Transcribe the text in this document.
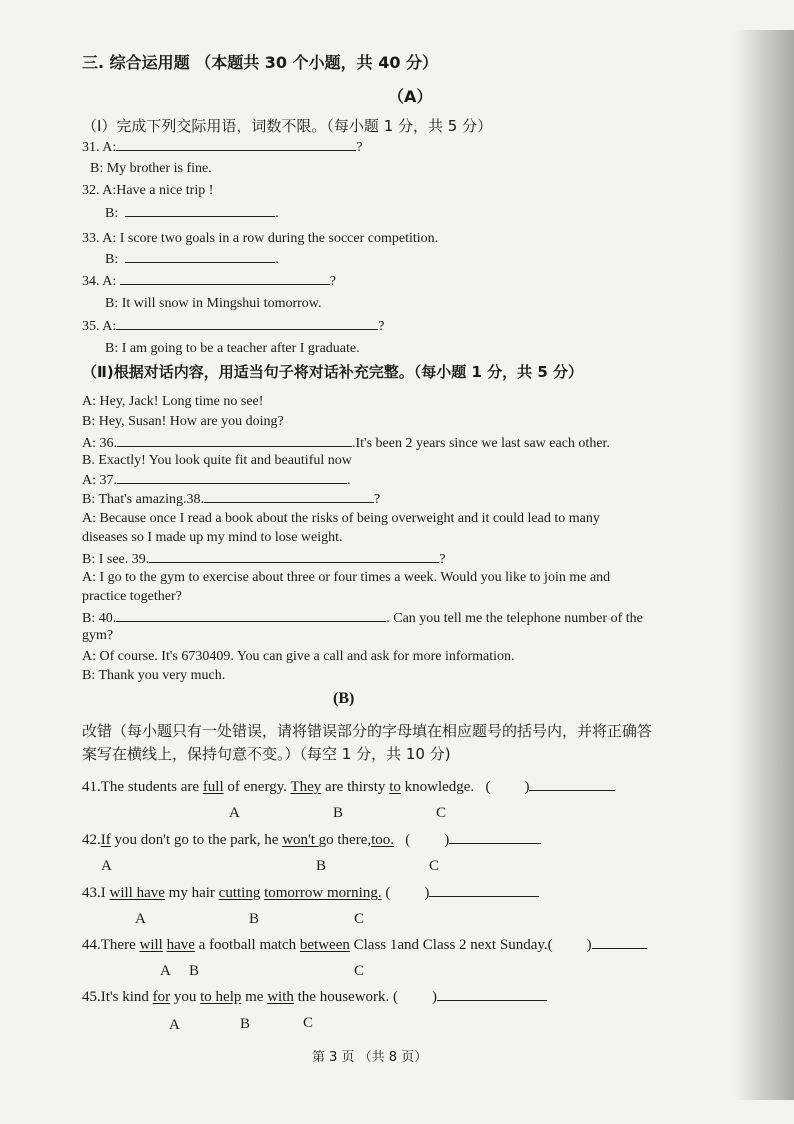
三. 综合运用题 （本题共 30 个小题，共 40 分）
（A）
（Ⅰ）完成下列交际用语，词数不限。（每小题 1 分，共 5 分）
31. A:	?
B: My brother is fine.
32. A:Have a nice trip !
B:	.
33. A: I score two goals in a row during the soccer competition.
B:	.
34. A:	?
B: It will snow in Mingshui tomorrow.
35. A:	?
B: I am going to be a teacher after I graduate.
（Ⅱ)根据对话内容，用适当句子将对话补充完整。（每小题 1 分，共 5 分）
A: Hey, Jack! Long time no see!
B: Hey, Susan! How are you doing?
A: 36.	.It's been 2 years since we last saw each other.
B. Exactly! You look quite fit and beautiful now
A: 37.	.
B: That's amazing.38.	?
A: Because once I read a book about the risks of being overweight and it could lead to many
diseases so I made up my mind to lose weight.
B: I see. 39.	?
A: I go to the gym to exercise about three or four times a week. Would you like to join me and
practice together?
B: 40.	. Can you tell me the telephone number of the
gym?
A: Of course. It's 6730409. You can give a call and ask for more information.
B: Thank you very much.
(B)
改错（每小题只有一处错误，请将错误部分的字母填在相应题号的括号内，并将正确答
案写在横线上，保持句意不变。）（每空 1 分，共 10 分)
41.The students are full of energy. They are thirsty to knowledge. ( )
A	B	C
42.If you don't go to the park, he won't go there,too. ( )
A	B	C
43.I will have my hair cutting tomorrow morning. ( )
A	B	C
44.There will have a football match between Class 1and Class 2 next Sunday.( )
A B	C
45.It's kind for you to help me with the housework. ( )
A	B	C
第 3 页 （共 8 页）
